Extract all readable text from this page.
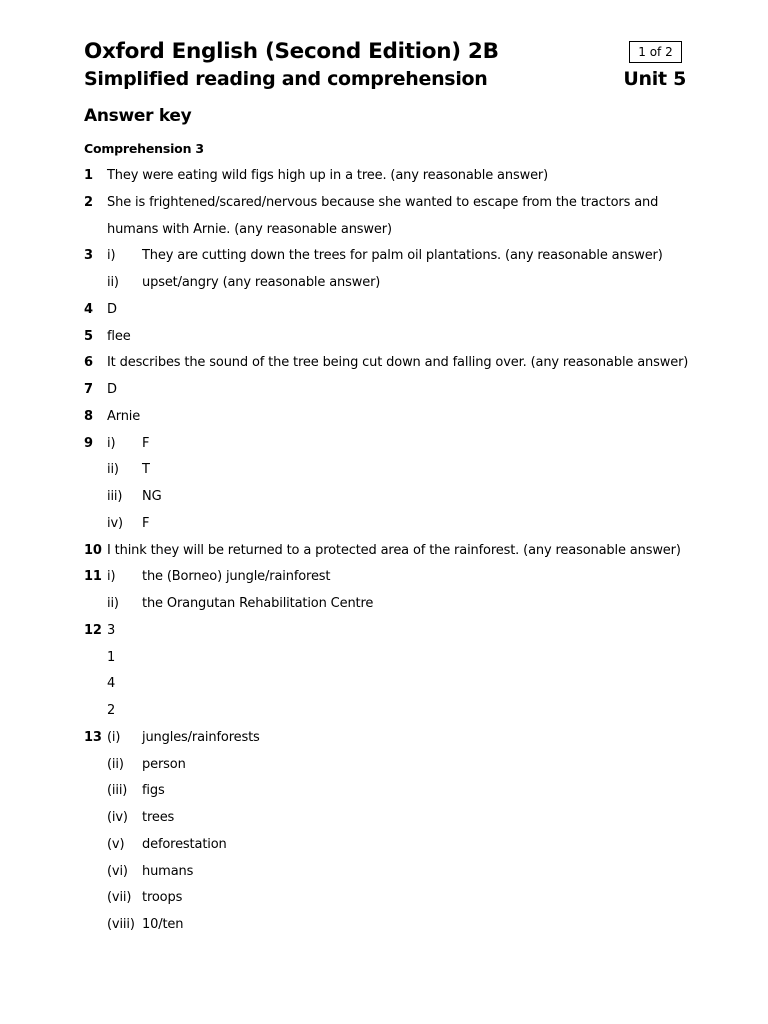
Oxford English (Second Edition) 2B
Simplified reading and comprehension
1 of 2
Unit 5
Answer key
Comprehension 3
1 They were eating wild figs high up in a tree. (any reasonable answer)
2 She is frightened/scared/nervous because she wanted to escape from the tractors and
humans with Arnie. (any reasonable answer)
3 i) They are cutting down the trees for palm oil plantations. (any reasonable answer)
ii) upset/angry (any reasonable answer)
4 D
5 flee
6 It describes the sound of the tree being cut down and falling over. (any reasonable answer)
7 D
8 Arnie
9 i) F
ii) T
iii) NG
iv) F
10 I think they will be returned to a protected area of the rainforest. (any reasonable answer)
11 i) the (Borneo) jungle/rainforest
ii) the Orangutan Rehabilitation Centre
12 3
1
4
2
13 (i) jungles/rainforests
(ii) person
(iii) figs
(iv) trees
(v) deforestation
(vi) humans
(vii) troops
(viii) 10/ten
